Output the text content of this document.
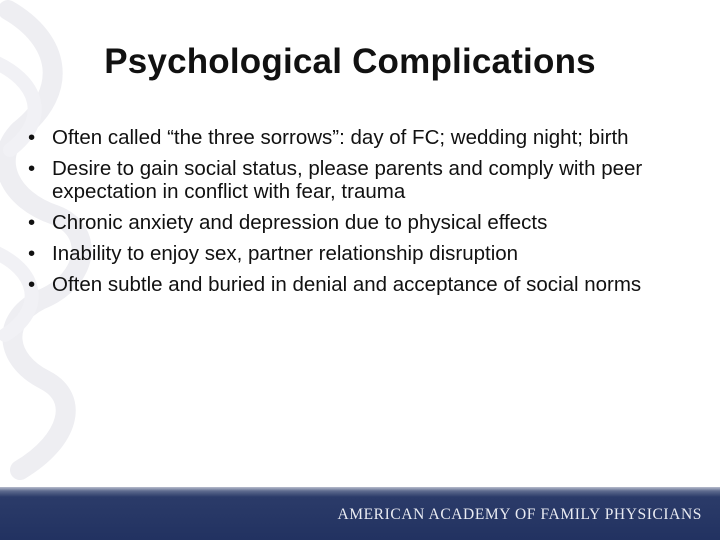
Psychological Complications
• Often called “the three sorrows”: day of FC; wedding night; birth
• Desire to gain social status, please parents and comply with peer expectation in conflict with fear, trauma
• Chronic anxiety and depression due to physical effects
• Inability to enjoy sex, partner relationship disruption
• Often subtle and buried in denial and acceptance of social norms
AMERICAN ACADEMY OF FAMILY PHYSICIANS
